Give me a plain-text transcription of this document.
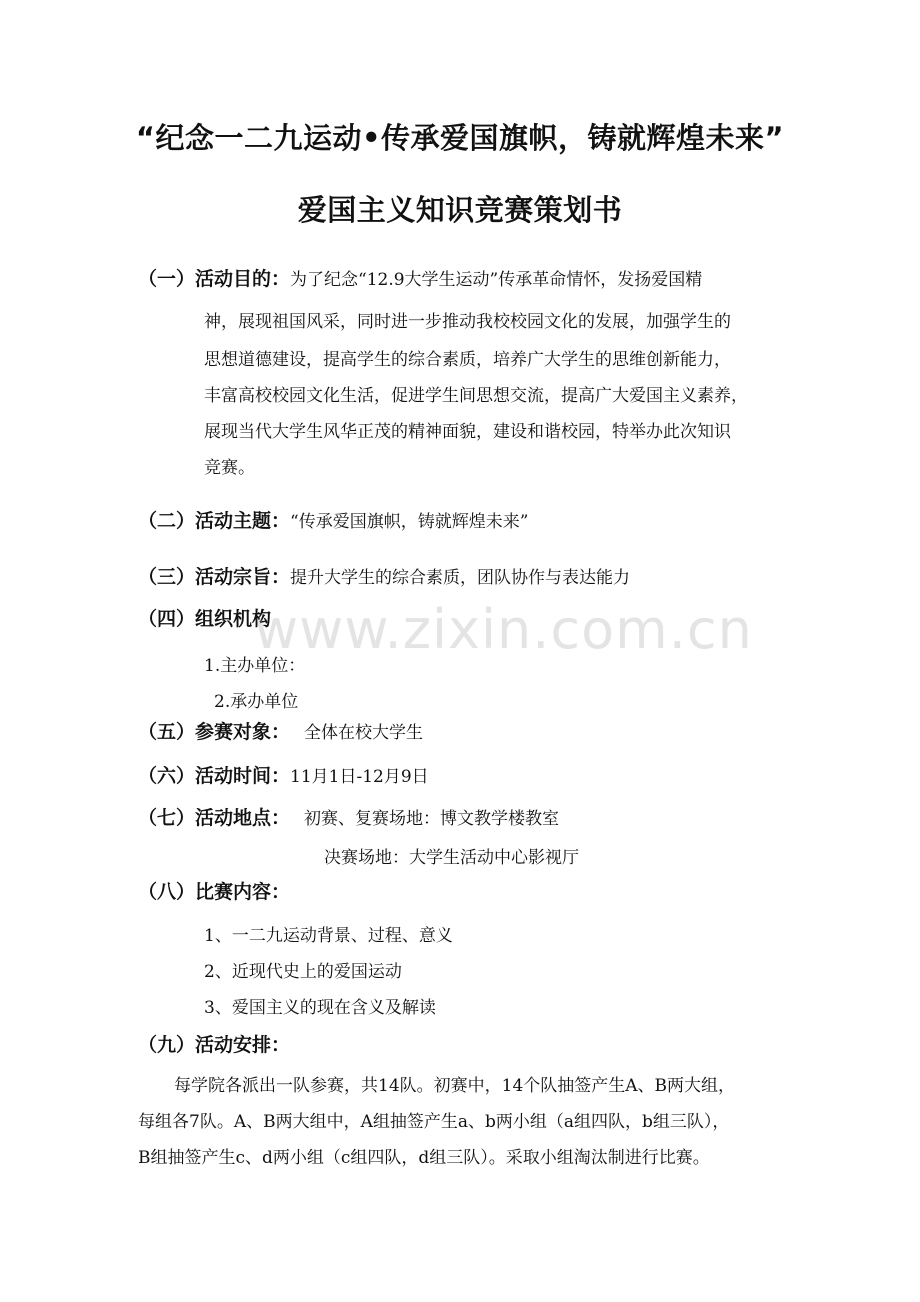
“纪念一二九运动•传承爱国旗帜，铸就辉煌未来”
爱国主义知识竞赛策划书
（一）活动目的：为了纪念“12.9大学生运动”传承革命情怀，发扬爱国精
神，展现祖国风采，同时进一步推动我校校园文化的发展，加强学生的
思想道德建设，提高学生的综合素质，培养广大学生的思维创新能力，
丰富高校校园文化生活，促进学生间思想交流，提高广大爱国主义素养，
展现当代大学生风华正茂的精神面貌，建设和谐校园，特举办此次知识
竞赛。
（二）活动主题：“传承爱国旗帜，铸就辉煌未来”
（三）活动宗旨：提升大学生的综合素质，团队协作与表达能力
（四）组织机构
1.主办单位：
2.承办单位
（五）参赛对象： 全体在校大学生
（六）活动时间：11月1日-12月9日
（七）活动地点： 初赛、复赛场地：博文教学楼教室
决赛场地：大学生活动中心影视厅
（八）比赛内容：
1、一二九运动背景、过程、意义
2、近现代史上的爱国运动
3、爱国主义的现在含义及解读
（九）活动安排：
每学院各派出一队参赛，共14队。初赛中，14个队抽签产生A、B两大组，
每组各7队。A、B两大组中，A组抽签产生a、b两小组（a组四队，b组三队），
B组抽签产生c、d两小组（c组四队，d组三队）。采取小组淘汰制进行比赛。
www.zixin.com.cn
